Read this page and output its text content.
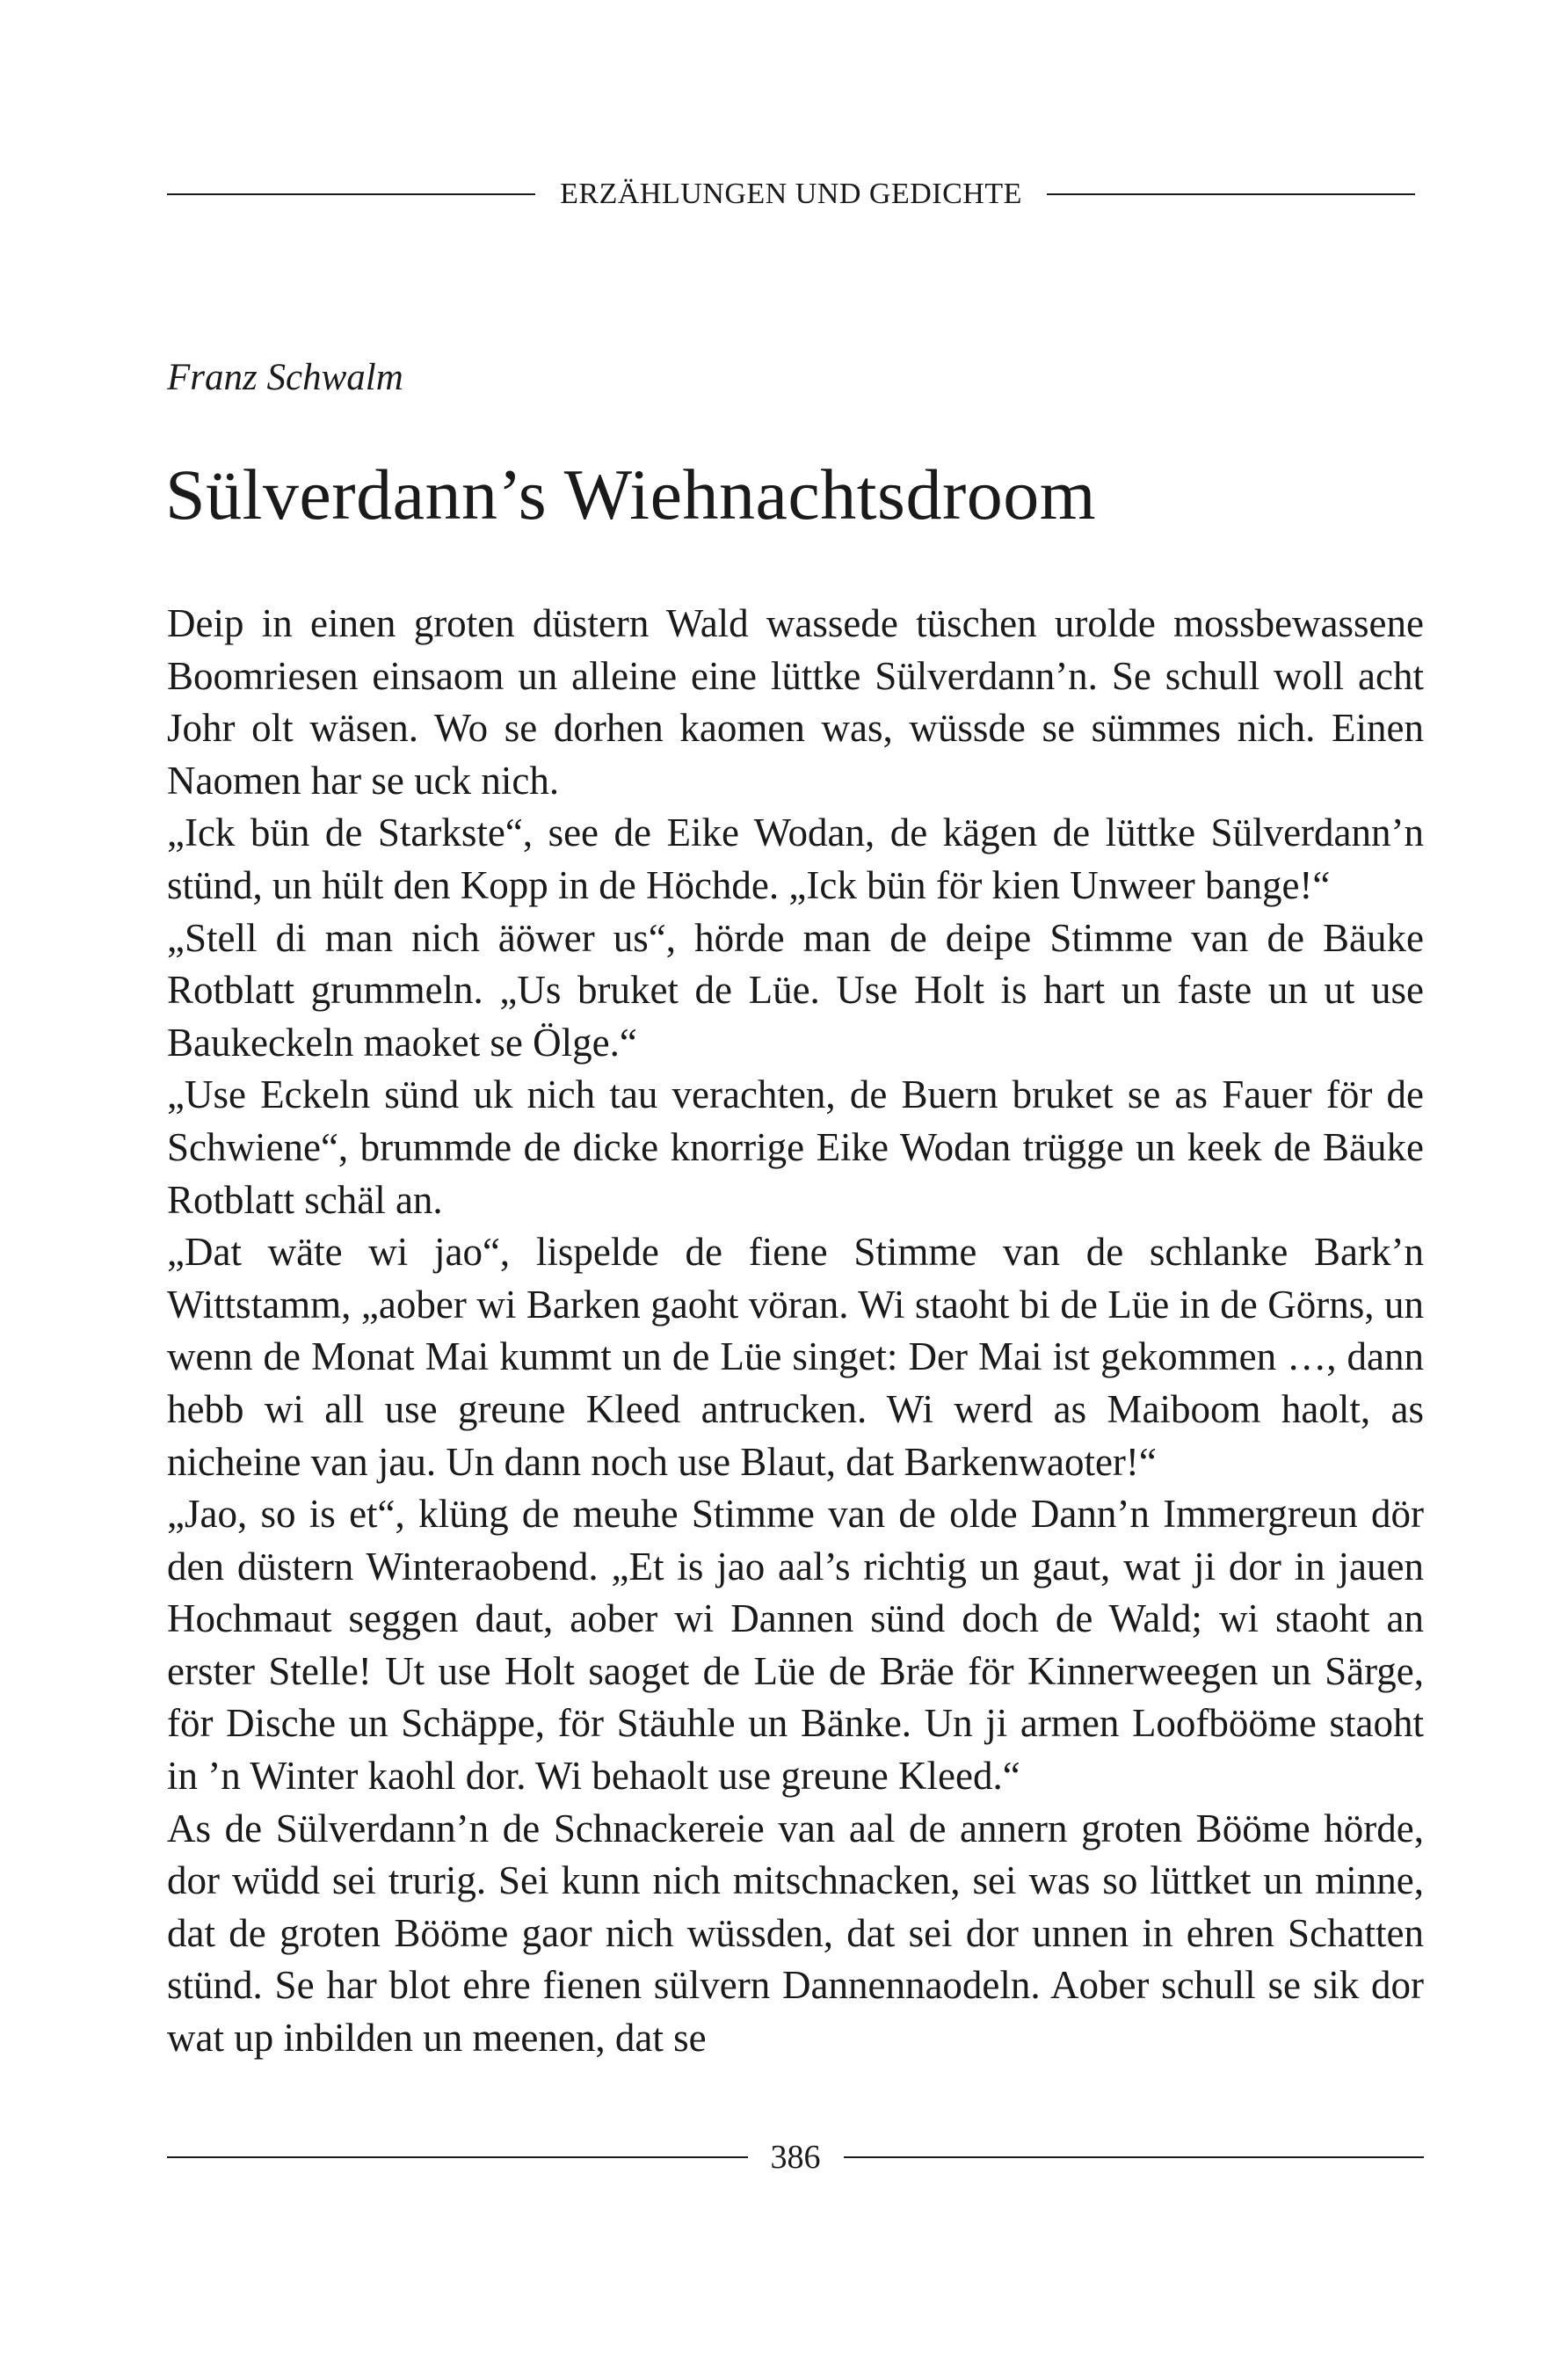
ERZÄHLUNGEN UND GEDICHTE
Franz Schwalm
Sülverdann’s Wiehnachtsdroom

Deip in einen groten düstern Wald wassede tüschen urolde mossbewassene Boomriesen einsaom un alleine eine lüttke Sülverdann’n. Se schull woll acht Johr olt wäsen. Wo se dorhen kaomen was, wüssde se sümmes nich. Einen Naomen har se uck nich.

„Ick bün de Starkste“, see de Eike Wodan, de kägen de lüttke Sülverdann’n stünd, un hült den Kopp in de Höchde. „Ick bün för kien Unweer bange!“

„Stell di man nich äöwer us“, hörde man de deipe Stimme van de Bäuke Rotblatt grummeln. „Us bruket de Lüe. Use Holt is hart un faste un ut use Baukeckeln maoket se Ölge.“

„Use Eckeln sünd uk nich tau verachten, de Buern bruket se as Fauer för de Schwiene“, brummde de dicke knorrige Eike Wodan trügge un keek de Bäuke Rotblatt schäl an.

„Dat wäte wi jao“, lispelde de fiene Stimme van de schlanke Bark’n Wittstamm, „aober wi Barken gaoht vöran. Wi staoht bi de Lüe in de Görns, un wenn de Monat Mai kummt un de Lüe singet: Der Mai ist gekommen …, dann hebb wi all use greune Kleed antrucken. Wi werd as Maiboom haolt, as nicheine van jau. Un dann noch use Blaut, dat Barkenwaoter!“

„Jao, so is et“, klüng de meuhe Stimme van de olde Dann’n Immergreun dör den düstern Winteraobend. „Et is jao aal’s richtig un gaut, wat ji dor in jauen Hochmaut seggen daut, aober wi Dannen sünd doch de Wald; wi staoht an erster Stelle! Ut use Holt saoget de Lüe de Bräe för Kinnerweegen un Särge, för Dische un Schäppe, för Stäuhle un Bänke. Un ji armen Loofbööme staoht in ’n Winter kaohl dor. Wi behaolt use greune Kleed.“

As de Sülverdann’n de Schnackereie van aal de annern groten Bööme hörde, dor wüdd sei trurig. Sei kunn nich mitschnacken, sei was so lüttket un minne, dat de groten Bööme gaor nich wüssden, dat sei dor unnen in ehren Schatten stünd. Se har blot ehre fienen sülvern Dannennaodeln. Aober schull se sik dor wat up inbilden un meenen, dat se

386
